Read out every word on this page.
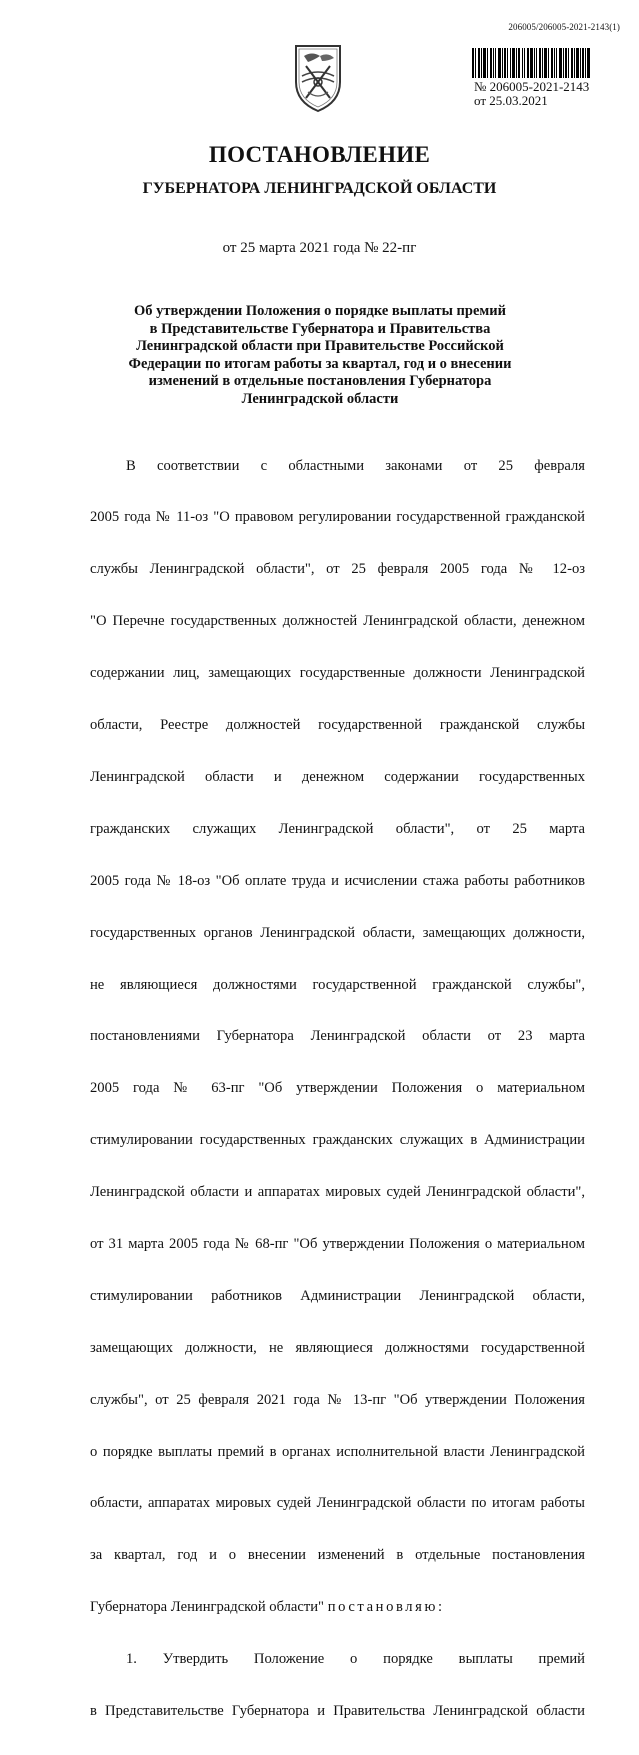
206005/206005-2021-2143(1)
№ 206005-2021-2143
от 25.03.2021
ПОСТАНОВЛЕНИЕ
ГУБЕРНАТОРА ЛЕНИНГРАДСКОЙ ОБЛАСТИ
от 25 марта 2021 года № 22-пг
Об утверждении Положения о порядке выплаты премий
в Представительстве Губернатора и Правительства
Ленинградской области при Правительстве Российской
Федерации по итогам работы за квартал, год и о внесении
изменений в отдельные постановления Губернатора
Ленинградской области

В соответствии с областными законами от 25 февраля

2005 года № 11-оз "О правовом регулировании государственной гражданской

службы Ленинградской области", от 25 февраля 2005 года № 12-оз

"О Перечне государственных должностей Ленинградской области, денежном

содержании лиц, замещающих государственные должности Ленинградской

области, Реестре должностей государственной гражданской службы

Ленинградской области и денежном содержании государственных

гражданских служащих Ленинградской области", от 25 марта

2005 года № 18-оз "Об оплате труда и исчислении стажа работы работников

государственных органов Ленинградской области, замещающих должности,

не являющиеся должностями государственной гражданской службы",

постановлениями Губернатора Ленинградской области от 23 марта

2005 года № 63-пг "Об утверждении Положения о материальном

стимулировании государственных гражданских служащих в Администрации

Ленинградской области и аппаратах мировых судей Ленинградской области",

от 31 марта 2005 года № 68-пг "Об утверждении Положения о материальном

стимулировании работников Администрации Ленинградской области,

замещающих должности, не являющиеся должностями государственной

службы", от 25 февраля 2021 года № 13-пг "Об утверждении Положения

о порядке выплаты премий в органах исполнительной власти Ленинградской

области, аппаратах мировых судей Ленинградской области по итогам работы

за квартал, год и о внесении изменений в отдельные постановления

Губернатора Ленинградской области" постановляю:

1. Утвердить Положение о порядке выплаты премий

в Представительстве Губернатора и Правительства Ленинградской области
